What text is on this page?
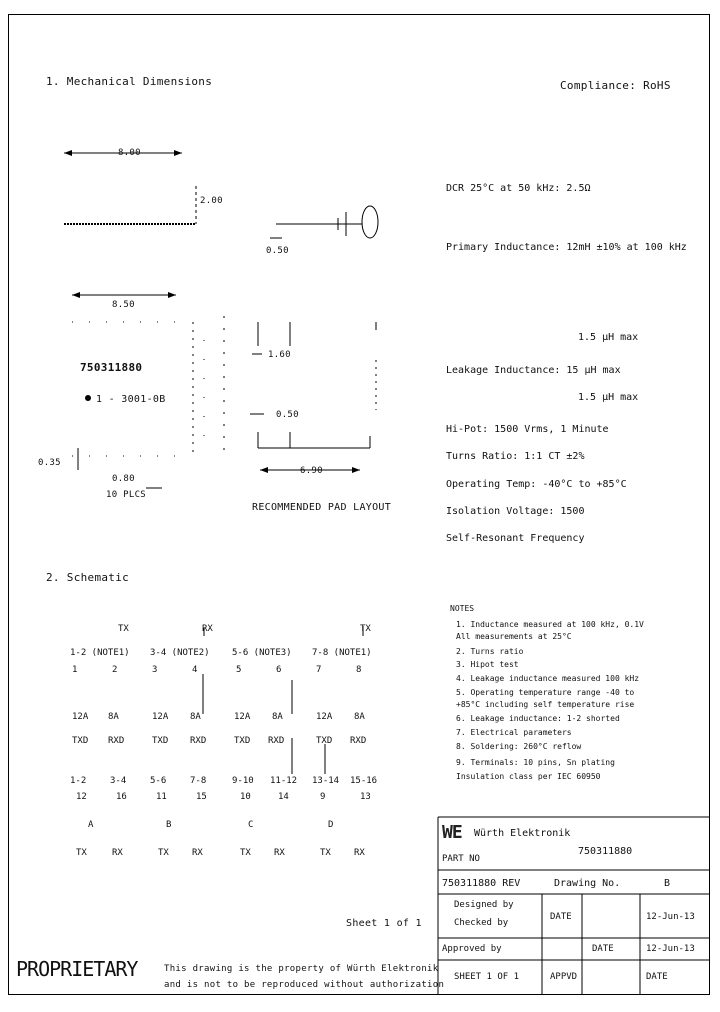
1. Mechanical Dimensions	Compliance: RoHS
8.00
2.00
0.50
8.50
750311880
1 - 3001-0B
1.60
0.50
6.90
0.35
0.80
10 PLCS
RECOMMENDED PAD LAYOUT
DCR 25°C at 50 kHz: 2.5Ω
Primary Inductance: 12mH ±10% at 100 kHz
1.5 µH max
Leakage Inductance: 15 µH max
1.5 µH max
Hi-Pot: 1500 Vrms, 1 Minute
Turns Ratio: 1:1 CT ±2%
Operating Temp: -40°C to +85°C
Isolation Voltage: 1500
Self-Resonant Frequency
2. Schematic
TX	RX	TX
1-2 (NOTE1) 3-4 (NOTE2) 5-6 (NOTE3) 7-8 (NOTE1)
1	2	3	4	5	6	7	8
12A 8A	12A 8A	12A 8A	12A 8A
TXD RXD	TXD RXD	TXD RXD	TXD RXD
1-2	3-4	5-6	7-8	9-10 11-12 13-14 15-16
12	16	11	15	10	14	9	13
A	B	C	D
TX	RX	TX	RX	TX	RX	TX	RX
NOTES
1. Inductance measured at 100 kHz, 0.1V
All measurements at 25°C
2. Turns ratio
3. Hipot test
4. Leakage inductance measured 100 kHz
5. Operating temperature range -40 to
+85°C including self temperature rise
6. Leakage inductance: 1-2 shorted
7. Electrical parameters
8. Soldering: 260°C reflow
9. Terminals: 10 pins, Sn plating
Insulation class per IEC 60950
WE Würth Elektronik
PART NO
750311880
750311880 REV	Drawing No.	B
Designed by
DATE	12-Jun-13
Checked by
Approved by	DATE	12-Jun-13
SHEET 1 OF 1	APPVD	DATE
Sheet 1 of 1
PROPRIETARY	This drawing is the property of Würth Elektronik
and is not to be reproduced without authorization
